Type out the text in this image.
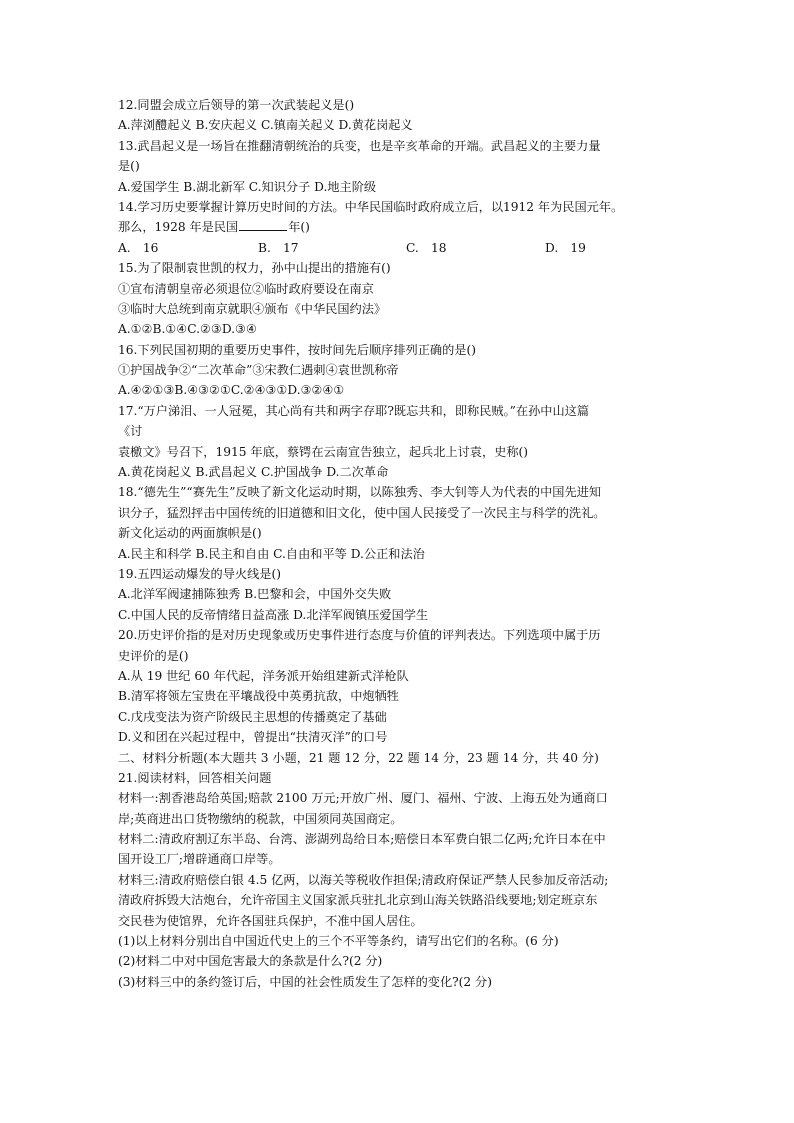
12.同盟会成立后领导的第一次武装起义是()
A.萍浏醴起义 B.安庆起义 C.镇南关起义 D.黄花岗起义
13.武昌起义是一场旨在推翻清朝统治的兵变，也是辛亥革命的开端。武昌起义的主要力量
是()
A.爱国学生 B.湖北新军 C.知识分子 D.地主阶级
14.学习历史要掌握计算历史时间的方法。中华民国临时政府成立后，以1912 年为民国元年。
那么，1928 年是民国	年()
A.　16	B.　17	C.　18	D.　19
15.为了限制袁世凯的权力，孙中山提出的措施有()
①宣布清朝皇帝必须退位②临时政府要设在南京
③临时大总统到南京就职④颁布《中华民国约法》
A.①②B.①④C.②③D.③④
16.下列民国初期的重要历史事件，按时间先后顺序排列正确的是()
①护国战争②“二次革命”③宋教仁遇刺④袁世凯称帝
A.④②①③B.④③②①C.②④③①D.③②④①
17.“万户涕泪、一人冠冕，其心尚有共和两字存耶?既忘共和，即称民贼。”在孙中山这篇
《讨
袁檄文》号召下，1915 年底，蔡锷在云南宣告独立，起兵北上讨袁，史称()
A.黄花岗起义 B.武昌起义 C.护国战争 D.二次革命
18.“德先生”“赛先生”反映了新文化运动时期，以陈独秀、李大钊等人为代表的中国先进知
识分子，猛烈抨击中国传统的旧道德和旧文化，使中国人民接受了一次民主与科学的洗礼。
新文化运动的两面旗帜是()
A.民主和科学 B.民主和自由 C.自由和平等 D.公正和法治
19.五四运动爆发的导火线是()
A.北洋军阀逮捕陈独秀 B.巴黎和会，中国外交失败
C.中国人民的反帝情绪日益高涨 D.北洋军阀镇压爱国学生
20.历史评价指的是对历史现象或历史事件进行态度与价值的评判表达。下列选项中属于历
史评价的是()
A.从 19 世纪 60 年代起，洋务派开始组建新式洋枪队
B.清军将领左宝贵在平壤战役中英勇抗敌，中炮牺牲
C.戊戌变法为资产阶级民主思想的传播奠定了基础
D.义和团在兴起过程中，曾提出“扶清灭洋”的口号
二、材料分析题(本大题共 3 小题，21 题 12 分，22 题 14 分，23 题 14 分，共 40 分)
21.阅读材料，回答相关问题
材料一:割香港岛给英国;赔款 2100 万元;开放广州、厦门、福州、宁波、上海五处为通商口
岸;英商进出口货物缴纳的税款，中国须同英国商定。
材料二:清政府割辽东半岛、台湾、澎湖列岛给日本;赔偿日本军费白银二亿两;允许日本在中
国开设工厂;增辟通商口岸等。
材料三:清政府赔偿白银 4.5 亿两，以海关等税收作担保;清政府保证严禁人民参加反帝活动;
清政府拆毁大沽炮台，允许帝国主义国家派兵驻扎北京到山海关铁路沿线要地;划定班京东
交民巷为使馆界，允许各国驻兵保护，不准中国人居住。
(1)以上材料分别出自中国近代史上的三个不平等条约，请写出它们的名称。(6 分)
(2)材料二中对中国危害最大的条款是什么?(2 分)
(3)材料三中的条约签订后，中国的社会性质发生了怎样的变化?(2 分)
